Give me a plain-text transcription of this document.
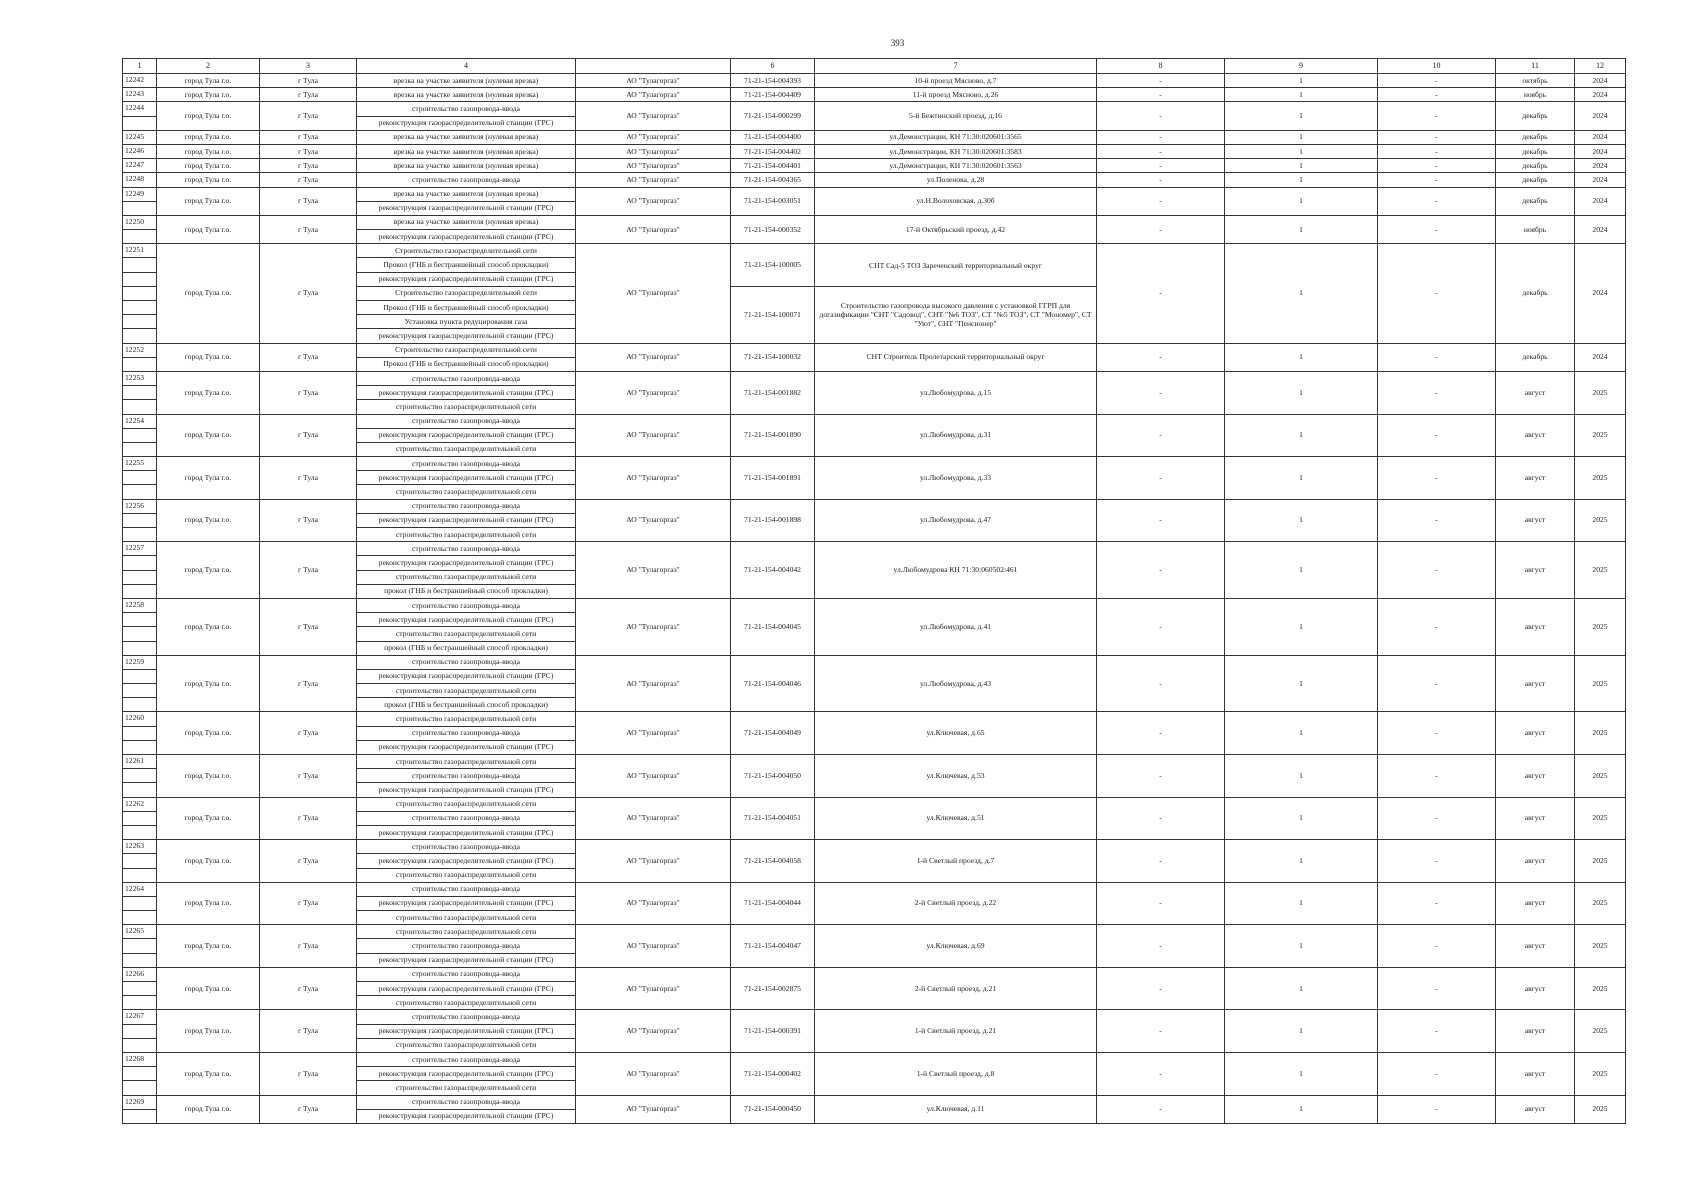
393
1	2	3	4		6	7	8	9	10	11	12
12242	город Тула г.о.	г Тула	врезка на участке заявителя (нулевая врезка)	АО "Тулагоргаз"	71-21-154-004393	10-й проезд Мясново, д.7	-	1	-	октябрь	2024
12243	город Тула г.о.	г Тула	врезка на участке заявителя (нулевая врезка)	АО "Тулагоргаз"	71-21-154-004409	11-й проезд Мясново, д.26	-	1	-	ноябрь	2024
12244	город Тула г.о.	г Тула	строительство газопровода-ввода	АО "Тулагоргаз"	71-21-154-000299	5-й Бежтинский проезд, д.16	-	1	-	декабрь	2024
			реконструкция газораспределительной станции (ГРС)								
12245	город Тула г.о.	г Тула	врезка на участке заявителя (нулевая врезка)	АО "Тулагоргаз"	71-21-154-004400	ул.Демонстрации, КН 71:30:020601:3565	-	1	-	декабрь	2024
12246	город Тула г.о.	г Тула	врезка на участке заявителя (нулевая врезка)	АО "Тулагоргаз"	71-21-154-004402	ул.Демонстрации, КН 71:30:020601:3583	-	1	-	декабрь	2024
12247	город Тула г.о.	г Тула	врезка на участке заявителя (нулевая врезка)	АО "Тулагоргаз"	71-21-154-004401	ул.Демонстрации, КН 71:30:020601:3563	-	1	-	декабрь	2024
12248	город Тула г.о.	г Тула	строительство газопровода-ввода	АО "Тулагоргаз"	71-21-154-004365	ул.Поленова, д.28	-	1	-	декабрь	2024
12249	город Тула г.о.	г Тула	врезка на участке заявителя (нулевая врезка)	АО "Тулагоргаз"	71-21-154-003051	ул.Н.Волоховская, д.30б	-	1	-	декабрь	2024
			реконструкция газораспределительной станции (ГРС)								
12250	город Тула г.о.	г Тула	врезка на участке заявителя (нулевая врезка)	АО "Тулагоргаз"	71-21-154-000352	17-й Октябрьский проезд, д.42	-	1	-	ноябрь	2024
			реконструкция газораспределительной станции (ГРС)								
12251	город Тула г.о.	г Тула	Строительство газораспределительной сети	АО "Тулагоргаз"	71-21-154-100005	СНТ Сад-5 ТОЗ Зареченский территориальный округ	-	1	-	декабрь	2024
			Прокол (ГНБ и бестраншейный способ прокладки)								
			реконструкция газораспределительной станции (ГРС)								
			Строительство газораспределительной сети		71-21-154-100071	Строительство газопровода высокого давления с установкой ГГРП для догазификации "СНТ "Садовод", СНТ "№6 ТОЗ", СТ "№5 ТОЗ", СТ "Мономер", СТ "Уют", СНТ "Пенсионер"					
			Прокол (ГНБ и бестраншейный способ прокладки)								
			Установка пункта редуцирования газа								
			реконструкция газораспределительной станции (ГРС)								
12252	город Тула г.о.	г Тула	Строительство газораспределительной сети	АО "Тулагоргаз"	71-21-154-100032	СНТ Строитель Пролетарский территориальный округ	-	1	-	декабрь	2024
			Прокол (ГНБ и бестраншейный способ прокладки)								
12253	город Тула г.о.	г Тула	строительство газопровода-ввода	АО "Тулагоргаз"	71-21-154-001882	ул.Любомудрова, д.15	-	1	-	август	2025
			реконструкция газораспределительной станции (ГРС)								
			строительство газораспределительной сети								
12254	город Тула г.о.	г Тула	строительство газопровода-ввода	АО "Тулагоргаз"	71-21-154-001890	ул.Любомудрова, д.31	-	1	-	август	2025
			реконструкция газораспределительной станции (ГРС)								
			строительство газораспределительной сети								
12255	город Тула г.о.	г Тула	строительство газопровода-ввода	АО "Тулагоргаз"	71-21-154-001891	ул.Любомудрова, д.33	-	1	-	август	2025
			реконструкция газораспределительной станции (ГРС)								
			строительство газораспределительной сети								
12256	город Тула г.о.	г Тула	строительство газопровода-ввода	АО "Тулагоргаз"	71-21-154-001898	ул.Любомудрова, д.47	-	1	-	август	2025
			реконструкция газораспределительной станции (ГРС)								
			строительство газораспределительной сети								
12257	город Тула г.о.	г Тула	строительство газопровода-ввода	АО "Тулагоргаз"	71-21-154-004042	ул.Любомудрова КН 71:30:060502:461	-	1	-	август	2025
			реконструкция газораспределительной станции (ГРС)								
			строительство газораспределительной сети								
			прокол (ГНБ и бестраншейный способ прокладки)								
12258	город Тула г.о.	г Тула	строительство газопровода-ввода	АО "Тулагоргаз"	71-21-154-004045	ул.Любомудрова, д.41	-	1	-	август	2025
			реконструкция газораспределительной станции (ГРС)								
			строительство газораспределительной сети								
			прокол (ГНБ и бестраншейный способ прокладки)								
12259	город Тула г.о.	г Тула	строительство газопровода-ввода	АО "Тулагоргаз"	71-21-154-004046	ул.Любомудрова, д.43	-	1	-	август	2025
			реконструкция газораспределительной станции (ГРС)								
			строительство газораспределительной сети								
			прокол (ГНБ и бестраншейный способ прокладки)								
12260	город Тула г.о.	г Тула	строительство газораспределительной сети	АО "Тулагоргаз"	71-21-154-004049	ул.Ключевая, д.65	-	1	-	август	2025
			строительство газопровода-ввода								
			реконструкция газораспределительной станции (ГРС)								
12261	город Тула г.о.	г Тула	строительство газораспределительной сети	АО "Тулагоргаз"	71-21-154-004050	ул.Ключевая, д.53	-	1	-	август	2025
			строительство газопровода-ввода								
			реконструкция газораспределительной станции (ГРС)								
12262	город Тула г.о.	г Тула	строительство газораспределительной сети	АО "Тулагоргаз"	71-21-154-004051	ул.Ключевая, д.51	-	1	-	август	2025
			строительство газопровода-ввода								
			реконструкция газораспределительной станции (ГРС)								
12263	город Тула г.о.	г Тула	строительство газопровода-ввода	АО "Тулагоргаз"	71-21-154-004058	1-й Светлый проезд, д.7	-	1	-	август	2025
			реконструкция газораспределительной станции (ГРС)								
			строительство газораспределительной сети								
12264	город Тула г.о.	г Тула	строительство газопровода-ввода	АО "Тулагоргаз"	71-21-154-004044	2-й Светлый проезд, д.22	-	1	-	август	2025
			реконструкция газораспределительной станции (ГРС)								
			строительство газораспределительной сети								
12265	город Тула г.о.	г Тула	строительство газораспределительной сети	АО "Тулагоргаз"	71-21-154-004047	ул.Ключевая, д.69	-	1	-	август	2025
			строительство газопровода-ввода								
			реконструкция газораспределительной станции (ГРС)								
12266	город Тула г.о.	г Тула	строительство газопровода-ввода	АО "Тулагоргаз"	71-21-154-002875	2-й Светлый проезд, д.21	-	1	-	август	2025
			реконструкция газораспределительной станции (ГРС)								
			строительство газораспределительной сети								
12267	город Тула г.о.	г Тула	строительство газопровода-ввода	АО "Тулагоргаз"	71-21-154-000391	1-й Светлый проезд, д.21	-	1	-	август	2025
			реконструкция газораспределительной станции (ГРС)								
			строительство газораспределительной сети								
12268	город Тула г.о.	г Тула	строительство газопровода-ввода	АО "Тулагоргаз"	71-21-154-000402	1-й Светлый проезд, д.8	-	1	-	август	2025
			реконструкция газораспределительной станции (ГРС)								
			строительство газораспределительной сети								
12269	город Тула г.о.	г Тула	строительство газопровода-ввода	АО "Тулагоргаз"	71-21-154-000450	ул.Ключевая, д.11	-	1	-	август	2025
			реконструкция газораспределительной станции (ГРС)								
